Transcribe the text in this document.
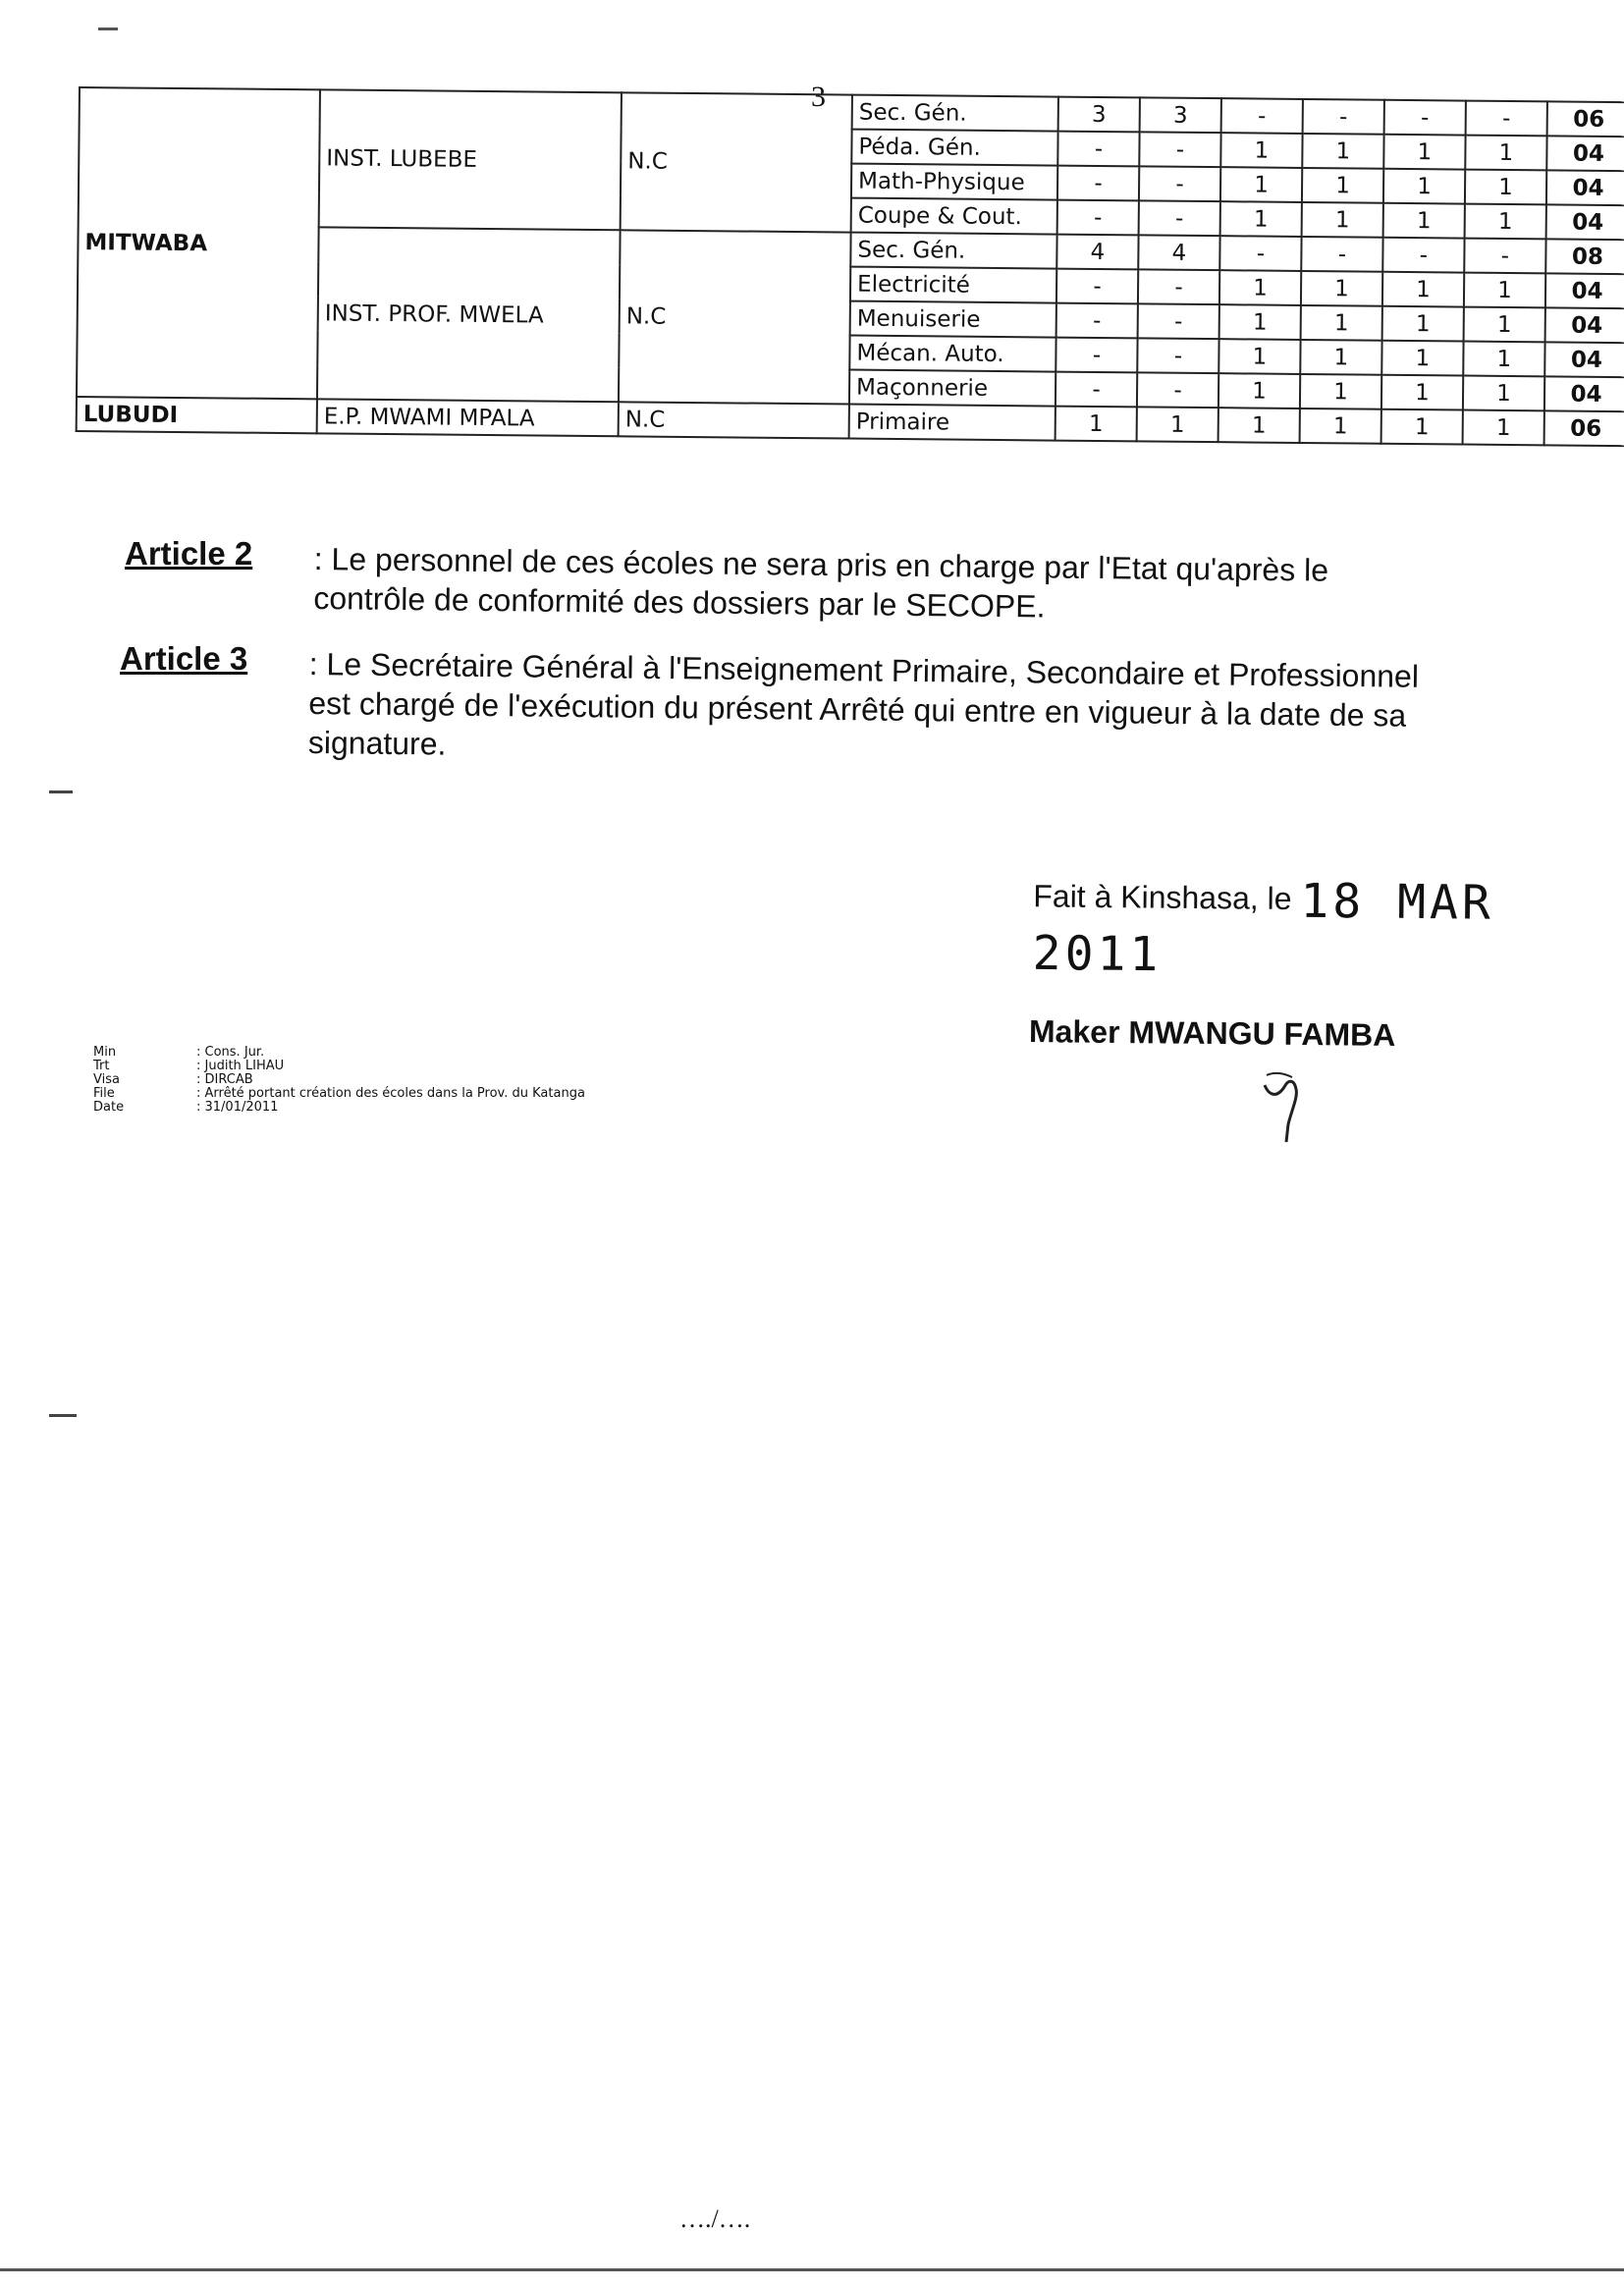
3
MITWABA	INST. LUBEBE	N.C	Sec. Gén.	3	3	-	-	-	-	06
			Péda. Gén.	-	-	1	1	1	1	04
			Math-Physique	-	-	1	1	1	1	04
			Coupe & Cout.	-	-	1	1	1	1	04
	INST. PROF. MWELA	N.C	Sec. Gén.	4	4	-	-	-	-	08
			Electricité	-	-	1	1	1	1	04
			Menuiserie	-	-	1	1	1	1	04
			Mécan. Auto.	-	-	1	1	1	1	04
			Maçonnerie	-	-	1	1	1	1	04
LUBUDI	E.P. MWAMI MPALA	N.C	Primaire	1	1	1	1	1	1	06
Article 2 : Le personnel de ces écoles ne sera pris en charge par l'Etat qu'après le contrôle de conformité des dossiers par le SECOPE.
Article 3 : Le Secrétaire Général à l'Enseignement Primaire, Secondaire et Professionnel est chargé de l'exécution du présent Arrêté qui entre en vigueur à la date de sa signature.
Fait à Kinshasa, le 18 MAR 2011
Maker MWANGU FAMBA
Min	: Cons. Jur.
Trt	: Judith LIHAU
Visa	: DIRCAB
File	: Arrêté portant création des écoles dans la Prov. du Katanga
Date	: 31/01/2011
…./….
